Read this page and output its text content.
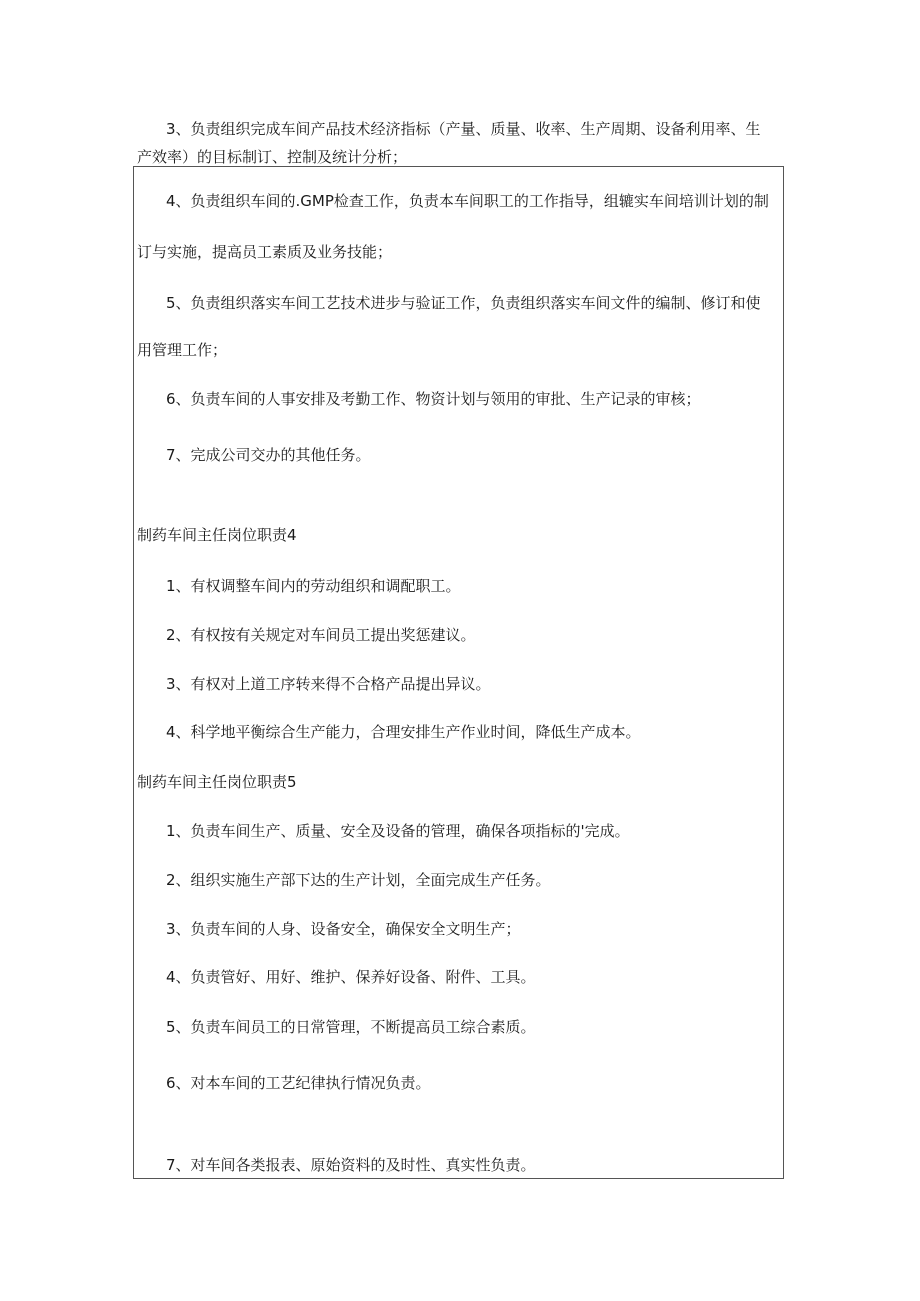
3、负责组织完成车间产品技术经济指标（产量、质量、收率、生产周期、设备利用率、生
产效率）的目标制订、控制及统计分析；
4、负责组织车间的.GMP检查工作，负责本车间职工的工作指导，组辘实车间培训计划的制
订与实施，提高员工素质及业务技能；
5、负责组织落实车间工艺技术进步与验证工作，负责组织落实车间文件的编制、修订和使
用管理工作；
6、负责车间的人事安排及考勤工作、物资计划与领用的审批、生产记录的审核；
7、完成公司交办的其他任务。
制药车间主任岗位职责4
1、有权调整车间内的劳动组织和调配职工。
2、有权按有关规定对车间员工提出奖惩建议。
3、有权对上道工序转来得不合格产品提出异议。
4、科学地平衡综合生产能力，合理安排生产作业时间，降低生产成本。
制药车间主任岗位职责5
1、负责车间生产、质量、安全及设备的管理，确保各项指标的'完成。
2、组织实施生产部下达的生产计划，全面完成生产任务。
3、负责车间的人身、设备安全，确保安全文明生产；
4、负责管好、用好、维护、保养好设备、附件、工具。
5、负责车间员工的日常管理，不断提高员工综合素质。
6、对本车间的工艺纪律执行情况负责。
7、对车间各类报表、原始资料的及时性、真实性负责。
